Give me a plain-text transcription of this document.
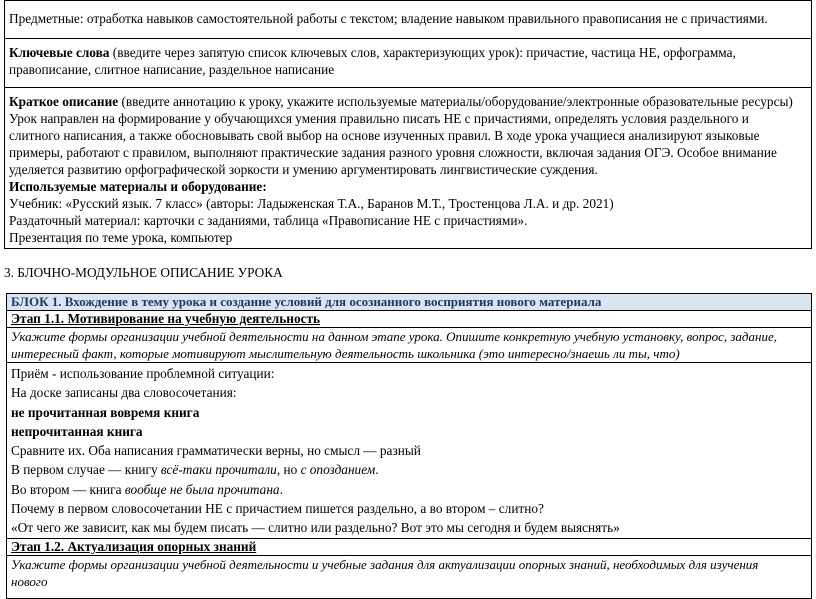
Предметные: отработка навыков самостоятельной работы с текстом; владение навыком правильного правописания не с причастиями.

Ключевые слова (введите через запятую список ключевых слов, характеризующих урок): причастие, частица НЕ, орфограмма,

правописание, слитное написание, раздельное написание

Краткое описание (введите аннотацию к уроку, укажите используемые материалы/оборудование/электронные образовательные ресурсы)

Урок направлен на формирование у обучающихся умения правильно писать НЕ с причастиями, определять условия раздельного и

слитного написания, а также обосновывать свой выбор на основе изученных правил. В ходе урока учащиеся анализируют языковые

примеры, работают с правилом, выполняют практические задания разного уровня сложности, включая задания ОГЭ. Особое внимание

уделяется развитию орфографической зоркости и умению аргументировать лингвистические суждения.

Используемые материалы и оборудование:

Учебник: «Русский язык. 7 класс» (авторы: Ладыженская Т.А., Баранов М.Т., Тростенцова Л.А. и др. 2021)

Раздаточный материал: карточки с заданиями, таблица «Правописание НЕ с причастиями».

Презентация по теме урока, компьютер

3. БЛОЧНО-МОДУЛЬНОЕ ОПИСАНИЕ УРОКА
БЛОК 1. Вхождение в тему урока и создание условий для осознанного восприятия нового материала
Этап 1.1. Мотивирование на учебную деятельность

Укажите формы организации учебной деятельности на данном этапе урока. Опишите конкретную учебную установку, вопрос, задание,

интересный факт, которые мотивируют мыслительную деятельность школьника (это интересно/знаешь ли ты, что)

Приём - использование проблемной ситуации:

На доске записаны два словосочетания:

не прочитанная вовремя книга

непрочитанная книга

Сравните их. Оба написания грамматически верны, но смысл — разный

В первом случае — книгу всё-таки прочитали, но с опозданием.

Во втором — книга вообще не была прочитана.

Почему в первом словосочетании НЕ с причастием пишется раздельно, а во втором – слитно?

«От чего же зависит, как мы будем писать — слитно или раздельно? Вот это мы сегодня и будем выяснять»

Этап 1.2. Актуализация опорных знаний

Укажите формы организации учебной деятельности и учебные задания для актуализации опорных знаний, необходимых для изучения

нового
